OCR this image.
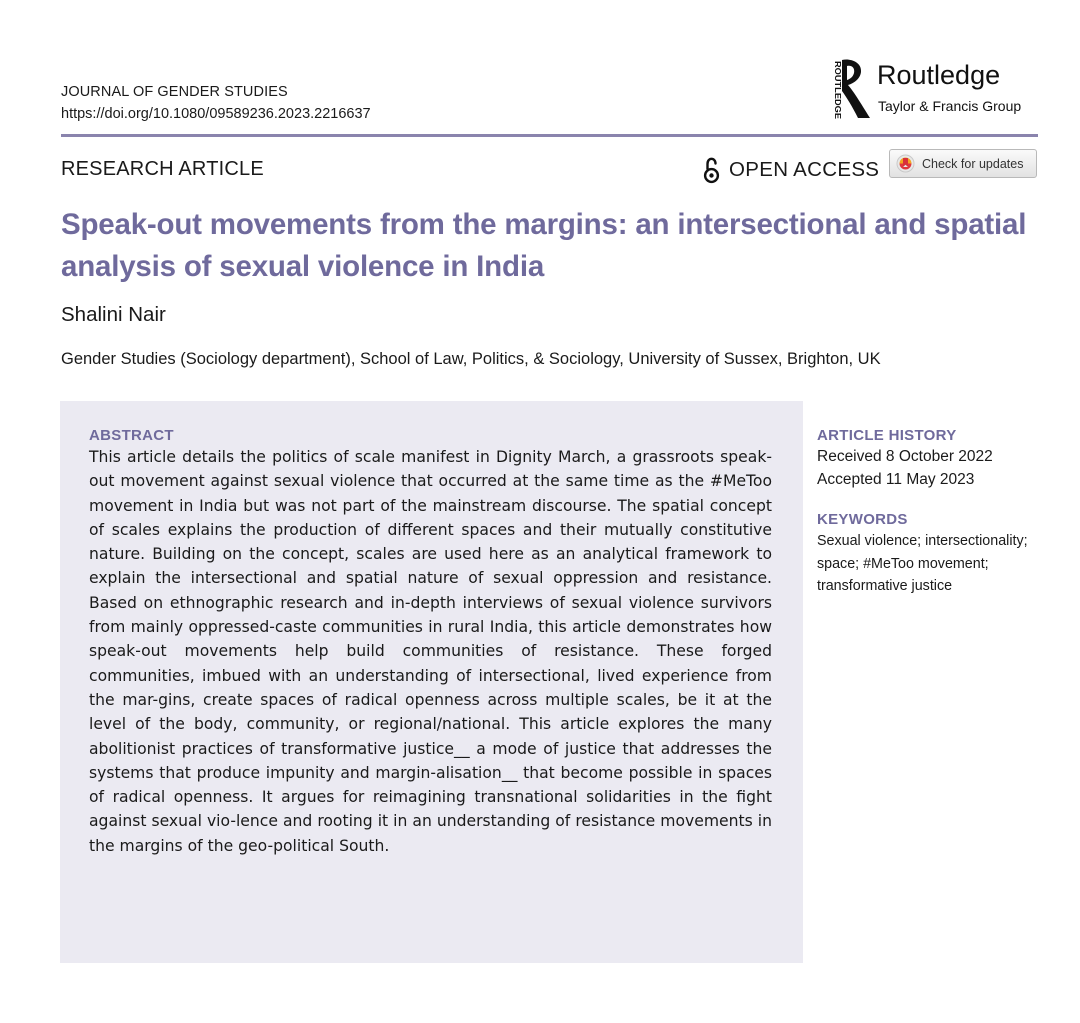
JOURNAL OF GENDER STUDIES
https://doi.org/10.1080/09589236.2023.2216637	ROUTLEDGE Routledge
Taylor & Francis Group
RESEARCH ARTICLE	OPEN ACCESS	Check for updates
Speak-out movements from the margins: an intersectional and spatial analysis of sexual violence in India
Shalini Nair
Gender Studies (Sociology department), School of Law, Politics, & Sociology, University of Sussex, Brighton, UK
ABSTRACT
This article details the politics of scale manifest in Dignity March, a grassroots speak-out movement against sexual violence that occurred at the same time as the #MeToo movement in India but was not part of the mainstream discourse. The spatial concept of scales explains the production of different spaces and their mutually constitutive nature. Building on the concept, scales are used here as an analytical framework to explain the intersectional and spatial nature of sexual oppression and resistance. Based on ethnographic research and in-depth interviews of sexual violence survivors from mainly oppressed-caste communities in rural India, this article demonstrates how speak-out movements help build communities of resistance. These forged communities, imbued with an understanding of intersectional, lived experience from the mar-gins, create spaces of radical openness across multiple scales, be it at the level of the body, community, or regional/national. This article explores the many abolitionist practices of transformative justice__ a mode of justice that addresses the systems that produce impunity and margin-alisation__ that become possible in spaces of radical openness. It argues for reimagining transnational solidarities in the fight against sexual vio-lence and rooting it in an understanding of resistance movements in the margins of the geo-political South.
ARTICLE HISTORY
Received 8 October 2022
Accepted 11 May 2023
KEYWORDS
Sexual violence; intersectionality; space; #MeToo movement; transformative justice
